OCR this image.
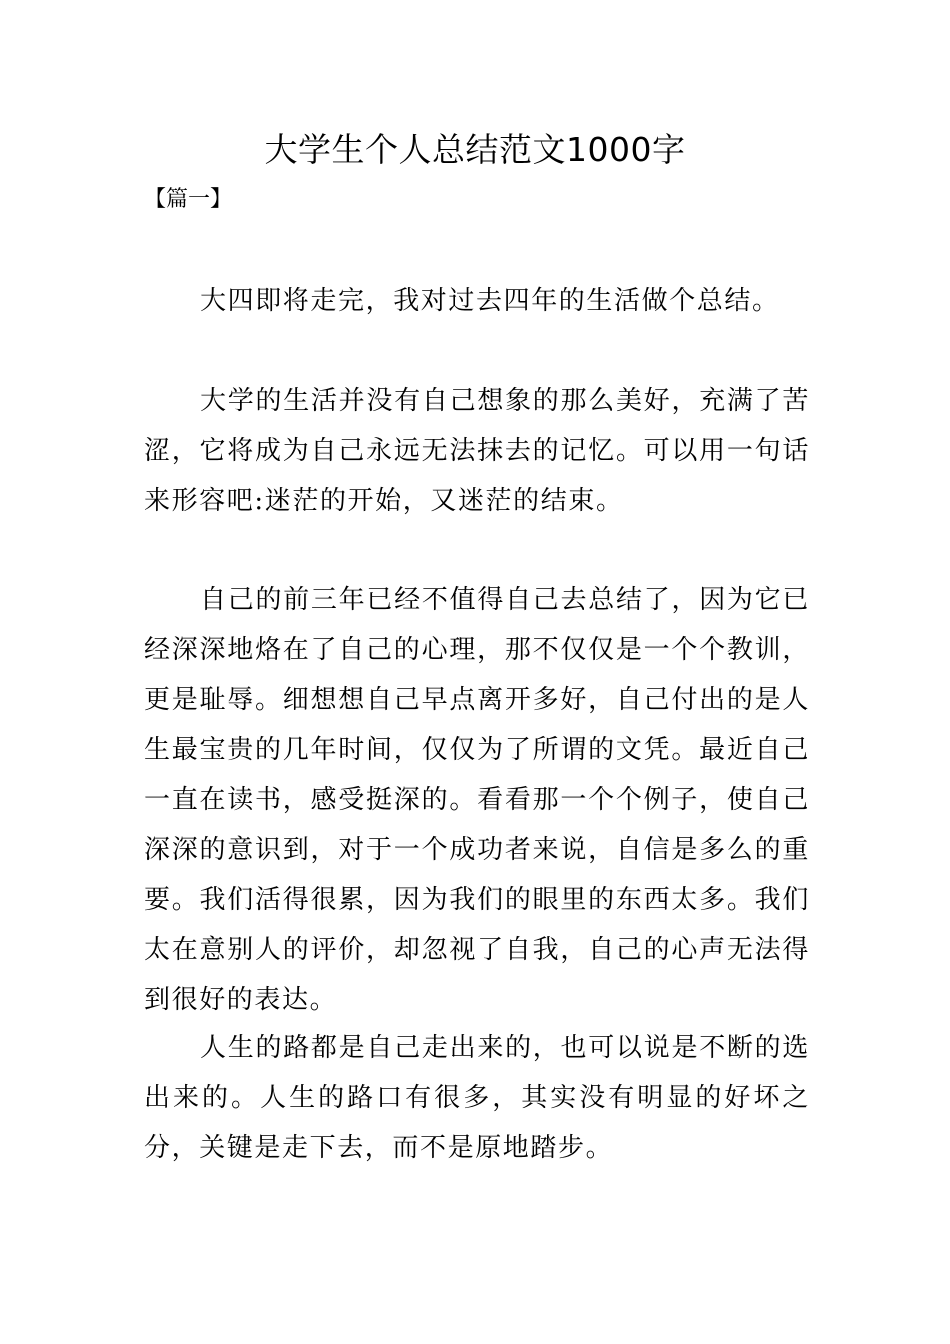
大学生个人总结范文1000字
【篇一】

大四即将走完，我对过去四年的生活做个总结。

大学的生活并没有自己想象的那么美好，充满了苦涩，它将成为自己永远无法抹去的记忆。可以用一句话来形容吧:迷茫的开始，又迷茫的结束。

自己的前三年已经不值得自己去总结了，因为它已经深深地烙在了自己的心理，那不仅仅是一个个教训，更是耻辱。细想想自己早点离开多好，自己付出的是人生最宝贵的几年时间，仅仅为了所谓的文凭。最近自己一直在读书，感受挺深的。看看那一个个例子，使自己深深的意识到，对于一个成功者来说，自信是多么的重要。我们活得很累，因为我们的眼里的东西太多。我们太在意别人的评价，却忽视了自我，自己的心声无法得到很好的表达。

人生的路都是自己走出来的，也可以说是不断的选出来的。人生的路口有很多，其实没有明显的好坏之分，关键是走下去，而不是原地踏步。
